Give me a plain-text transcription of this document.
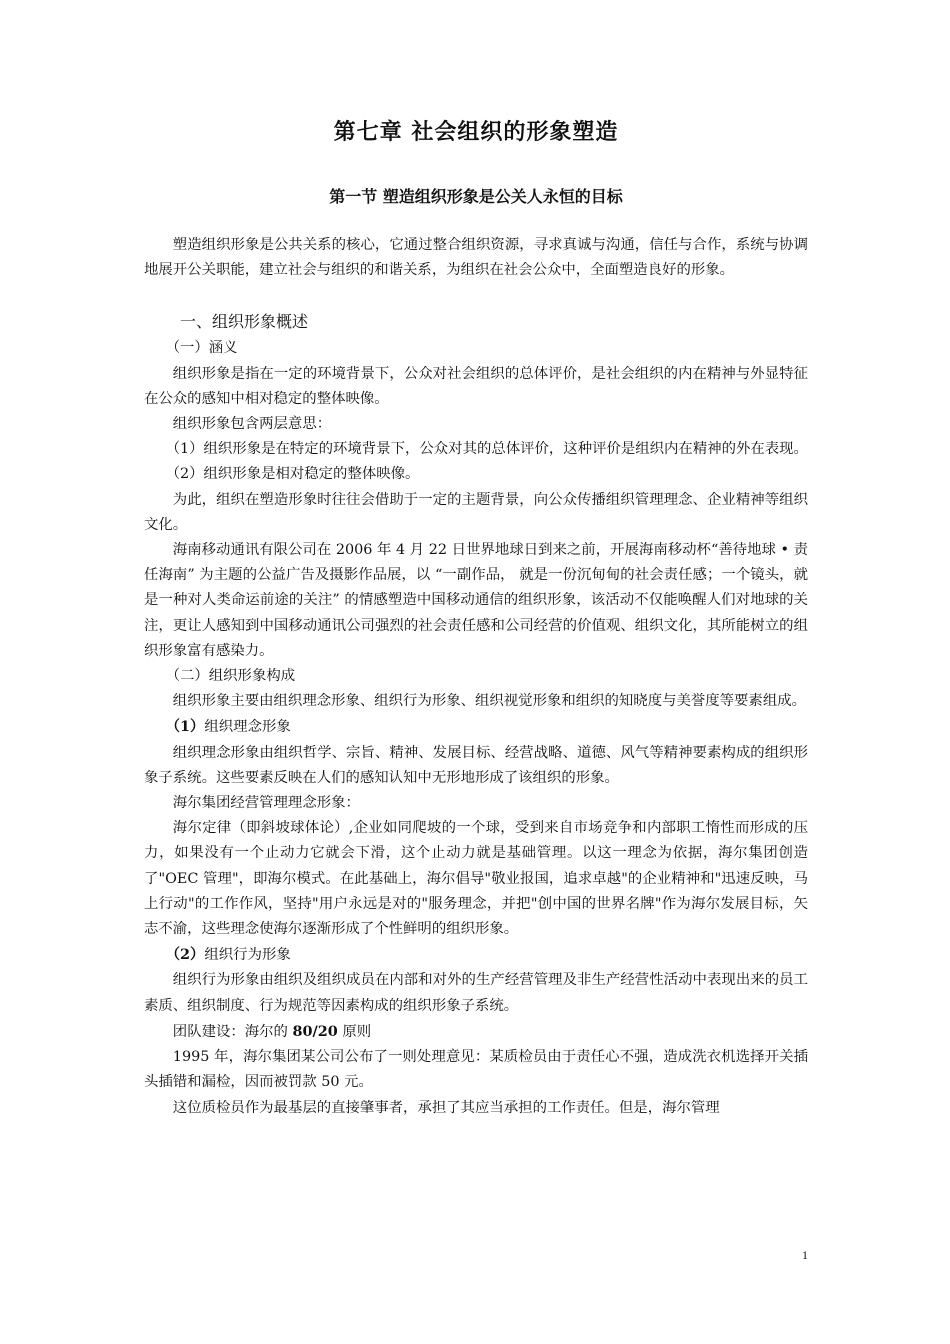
第七章 社会组织的形象塑造
第一节 塑造组织形象是公关人永恒的目标

塑造组织形象是公共关系的核心，它通过整合组织资源，寻求真诚与沟通，信任与合作，系统与协调地展开公关职能，建立社会与组织的和谐关系，为组织在社会公众中，全面塑造良好的形象。

一、组织形象概述

（一）涵义

组织形象是指在一定的环境背景下，公众对社会组织的总体评价，是社会组织的内在精神与外显特征在公众的感知中相对稳定的整体映像。

组织形象包含两层意思：

（1）组织形象是在特定的环境背景下，公众对其的总体评价，这种评价是组织内在精神的外在表现。

（2）组织形象是相对稳定的整体映像。

为此，组织在塑造形象时往往会借助于一定的主题背景，向公众传播组织管理理念、企业精神等组织文化。

海南移动通讯有限公司在 2006 年 4 月 22 日世界地球日到来之前，开展海南移动杯“善待地球 • 责任海南” 为主题的公益广告及摄影作品展，以 “一副作品， 就是一份沉甸甸的社会责任感；一个镜头，就是一种对人类命运前途的关注” 的情感塑造中国移动通信的组织形象，该活动不仅能唤醒人们对地球的关注，更让人感知到中国移动通讯公司强烈的社会责任感和公司经营的价值观、组织文化，其所能树立的组织形象富有感染力。

（二）组织形象构成

组织形象主要由组织理念形象、组织行为形象、组织视觉形象和组织的知晓度与美誉度等要素组成。

（1）组织理念形象

组织理念形象由组织哲学、宗旨、精神、发展目标、经营战略、道德、风气等精神要素构成的组织形象子系统。这些要素反映在人们的感知认知中无形地形成了该组织的形象。

海尔集团经营管理理念形象：

海尔定律（即斜坡球体论）,企业如同爬坡的一个球，受到来自市场竞争和内部职工惰性而形成的压力，如果没有一个止动力它就会下滑，这个止动力就是基础管理。以这一理念为依据，海尔集团创造了"OEC 管理"，即海尔模式。在此基础上，海尔倡导"敬业报国，追求卓越"的企业精神和"迅速反映，马上行动"的工作作风，坚持"用户永远是对的"服务理念，并把"创中国的世界名牌"作为海尔发展目标，矢志不渝，这些理念使海尔逐渐形成了个性鲜明的组织形象。

（2）组织行为形象

组织行为形象由组织及组织成员在内部和对外的生产经营管理及非生产经营性活动中表现出来的员工素质、组织制度、行为规范等因素构成的组织形象子系统。

团队建设：海尔的 80/20 原则

1995 年，海尔集团某公司公布了一则处理意见：某质检员由于责任心不强，造成洗衣机选择开关插头插错和漏检，因而被罚款 50 元。

这位质检员作为最基层的直接肇事者，承担了其应当承担的工作责任。但是，海尔管理

1
